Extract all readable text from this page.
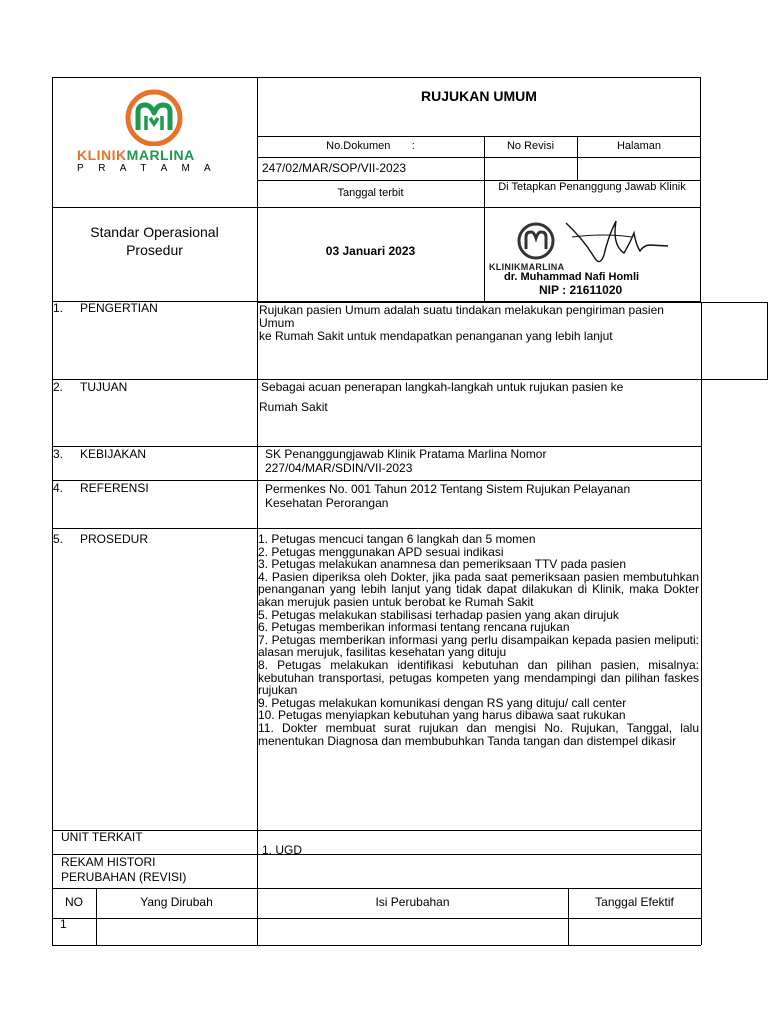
KLINIKMARLINA
P R A T A M A
RUJUKAN UMUM
No.Dokumen       :	No Revisi	Halaman
247/02/MAR/SOP/VII-2023
Tanggal terbit	Di Tetapkan Penanggung Jawab Klinik
Standar Operasional Prosedur	03 Januari 2023
KLINIKMARLINA
dr. Muhammad Nafi Homli
NIP : 21611020
1. PENGERTIAN	Rujukan pasien Umum adalah suatu tindakan melakukan pengiriman pasien Umum
ke Rumah Sakit untuk mendapatkan penanganan yang lebih lanjut
2. TUJUAN	Sebagai acuan penerapan langkah-langkah untuk rujukan pasien ke
Rumah Sakit
3. KEBIJAKAN	SK Penanggungjawab Klinik Pratama Marlina Nomor
227/04/MAR/SDIN/VII-2023
4. REFERENSI	Permenkes No. 001 Tahun 2012 Tentang Sistem Rujukan Pelayanan
Kesehatan Perorangan
5. PROSEDUR	1. Petugas mencuci tangan 6 langkah dan 5 momen

2. Petugas menggunakan APD sesuai indikasi

3. Petugas melakukan anamnesa dan pemeriksaan TTV pada pasien

4. Pasien diperiksa oleh Dokter, jika pada saat pemeriksaan pasien membutuhkan penanganan yang lebih lanjut yang tidak dapat dilakukan di Klinik, maka Dokter akan merujuk pasien untuk berobat ke Rumah Sakit

5. Petugas melakukan stabilisasi terhadap pasien yang akan dirujuk

6. Petugas memberikan informasi tentang rencana rujukan

7. Petugas memberikan informasi yang perlu disampaikan kepada pasien meliputi: alasan merujuk, fasilitas kesehatan yang dituju

8. Petugas melakukan identifikasi kebutuhan dan pilihan pasien, misalnya: kebutuhan transportasi, petugas kompeten yang mendampingi dan pilihan faskes rujukan

9. Petugas melakukan komunikasi dengan RS yang dituju/ call center

10. Petugas menyiapkan kebutuhan yang harus dibawa saat rukukan

11. Dokter membuat surat rujukan dan mengisi No. Rujukan, Tanggal, lalu menentukan Diagnosa dan membubuhkan Tanda tangan dan distempel dikasir

UNIT TERKAIT
1. UGD
REKAM HISTORI
PERUBAHAN (REVISI)
NO	Yang Dirubah	Isi Perubahan	Tanggal Efektif
1
